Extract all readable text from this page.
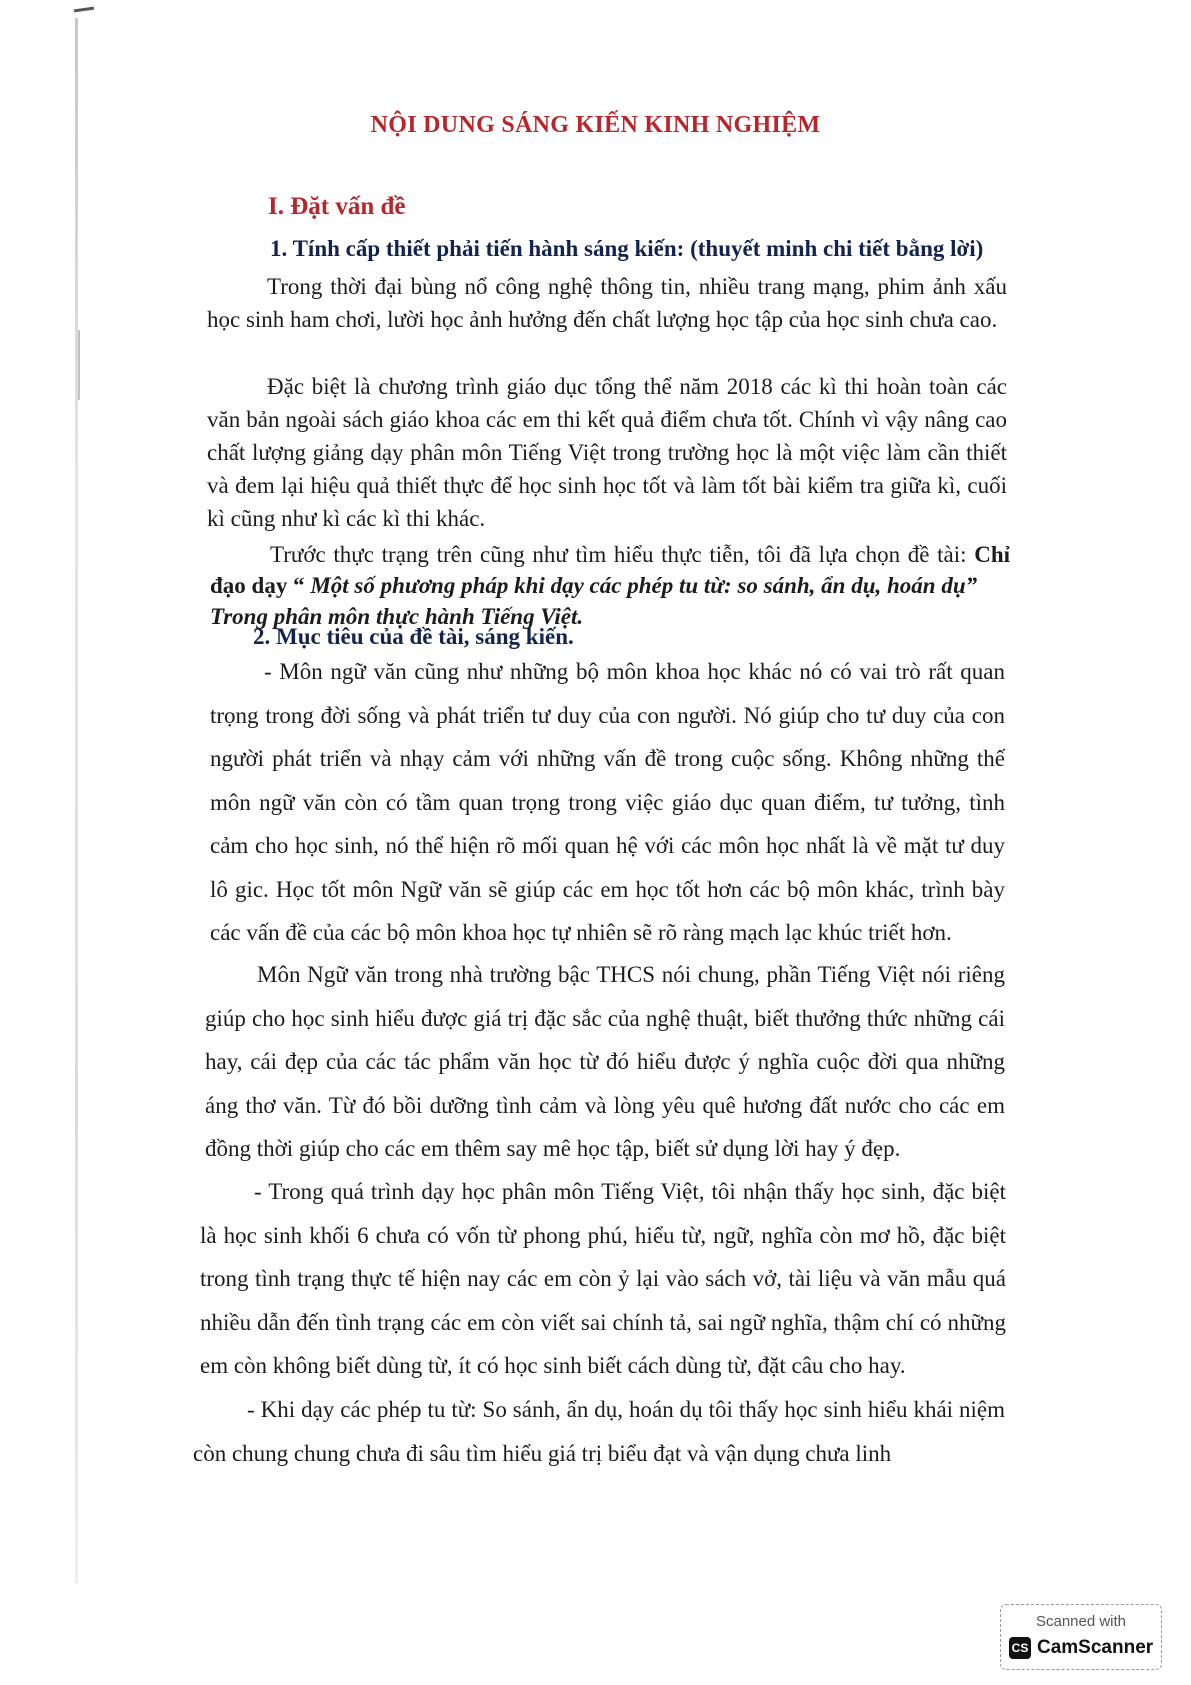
NỘI DUNG SÁNG KIẾN KINH NGHIỆM
I. Đặt vấn đề
1. Tính cấp thiết phải tiến hành sáng kiến: (thuyết minh chi tiết bằng lời)
Trong thời đại bùng nổ công nghệ thông tin, nhiều trang mạng, phim ảnh xấu học sinh ham chơi, lười học ảnh hưởng đến chất lượng học tập của học sinh chưa cao.
Đặc biệt là chương trình giáo dục tổng thể năm 2018 các kì thi hoàn toàn các văn bản ngoài sách giáo khoa các em thi kết quả điểm chưa tốt. Chính vì vậy nâng cao chất lượng giảng dạy phân môn Tiếng Việt trong trường học là một việc làm cần thiết và đem lại hiệu quả thiết thực để học sinh học tốt và làm tốt bài kiểm tra giữa kì, cuối kì cũng như kì các kì thi khác.
Trước thực trạng trên cũng như tìm hiểu thực tiễn, tôi đã lựa chọn đề tài: Chỉ đạo dạy “ Một số phương pháp khi dạy các phép tu từ: so sánh, ẩn dụ, hoán dụ”
Trong phân môn thực hành Tiếng Việt.
2. Mục tiêu của đề tài, sáng kiến.
- Môn ngữ văn cũng như những bộ môn khoa học khác nó có vai trò rất quan trọng trong đời sống và phát triển tư duy của con người. Nó giúp cho tư duy của con người phát triển và nhạy cảm với những vấn đề trong cuộc sống. Không những thế môn ngữ văn còn có tầm quan trọng trong việc giáo dục quan điểm, tư tưởng, tình cảm cho học sinh, nó thể hiện rõ mối quan hệ với các môn học nhất là về mặt tư duy lô gic. Học tốt môn Ngữ văn sẽ giúp các em học tốt hơn các bộ môn khác, trình bày các vấn đề của các bộ môn khoa học tự nhiên sẽ rõ ràng mạch lạc khúc triết hơn.
Môn Ngữ văn trong nhà trường bậc THCS nói chung, phần Tiếng Việt nói riêng giúp cho học sinh hiểu được giá trị đặc sắc của nghệ thuật, biết thưởng thức những cái hay, cái đẹp của các tác phẩm văn học từ đó hiểu được ý nghĩa cuộc đời qua những áng thơ văn. Từ đó bồi dưỡng tình cảm và lòng yêu quê hương đất nước cho các em đồng thời giúp cho các em thêm say mê học tập, biết sử dụng lời hay ý đẹp.
- Trong quá trình dạy học phân môn Tiếng Việt, tôi nhận thấy học sinh, đặc biệt là học sinh khối 6 chưa có vốn từ phong phú, hiểu từ, ngữ, nghĩa còn mơ hồ, đặc biệt trong tình trạng thực tế hiện nay các em còn ỷ lại vào sách vở, tài liệu và văn mẫu quá nhiều dẫn đến tình trạng các em còn viết sai chính tả, sai ngữ nghĩa, thậm chí có những em còn không biết dùng từ, ít có học sinh biết cách dùng từ, đặt câu cho hay.
- Khi dạy các phép tu từ: So sánh, ẩn dụ, hoán dụ tôi thấy học sinh hiểu khái niệm còn chung chung chưa đi sâu tìm hiểu giá trị biểu đạt và vận dụng chưa linh
Scanned with
CS CamScanner
